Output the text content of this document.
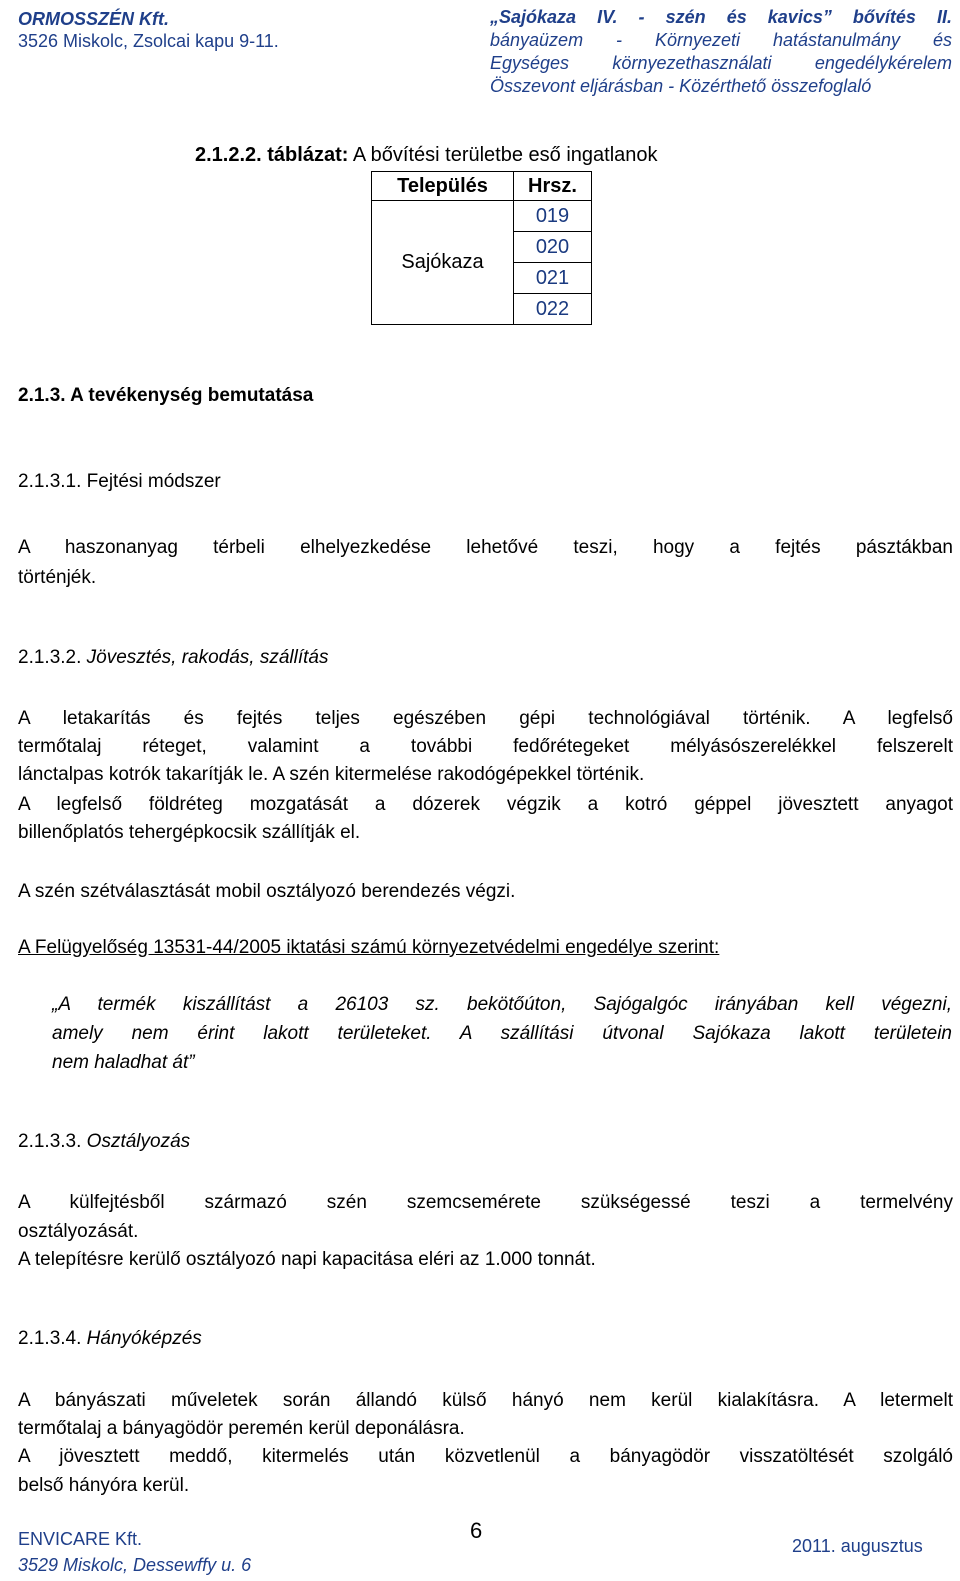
ORMOSSZÉN Kft.
3526 Miskolc, Zsolcai kapu 9-11.
„Sajókaza IV. - szén és kavics” bővítés II.
bányaüzem - Környezeti hatástanulmány és
Egységes környezethasználati engedélykérelem
Összevont eljárásban - Közérthető összefoglaló
2.1.2.2. táblázat: A bővítési területbe eső ingatlanok
Település	Hrsz.
Sajókaza	019
	020
	021
	022
2.1.3. A tevékenység bemutatása
2.1.3.1. Fejtési módszer
A haszonanyag térbeli elhelyezkedése lehetővé teszi, hogy a fejtés pásztákban
történjék.
2.1.3.2. Jövesztés, rakodás, szállítás
A letakarítás és fejtés teljes egészében gépi technológiával történik. A legfelső
termőtalaj réteget, valamint a további fedőrétegeket mélyásószerelékkel felszerelt
lánctalpas kotrók takarítják le. A szén kitermelése rakodógépekkel történik.
A legfelső földréteg mozgatását a dózerek végzik a kotró géppel jövesztett anyagot
billenőplatós tehergépkocsik szállítják el.
A szén szétválasztását mobil osztályozó berendezés végzi.
A Felügyelőség 13531-44/2005 iktatási számú környezetvédelmi engedélye szerint:
„A termék kiszállítást a 26103 sz. bekötőúton, Sajógalgóc irányában kell végezni,
amely nem érint lakott területeket. A szállítási útvonal Sajókaza lakott területein
nem haladhat át”
2.1.3.3. Osztályozás
A külfejtésből származó szén szemcsemérete szükségessé teszi a termelvény
osztályozását.
A telepítésre kerülő osztályozó napi kapacitása eléri az 1.000 tonnát.
2.1.3.4. Hányóképzés
A bányászati műveletek során állandó külső hányó nem kerül kialakításra. A letermelt
termőtalaj a bányagödör peremén kerül deponálásra.
A jövesztett meddő, kitermelés után közvetlenül a bányagödör visszatöltését szolgáló
belső hányóra kerül.
ENVICARE Kft.
3529 Miskolc, Dessewffy u. 6
6
2011. augusztus
